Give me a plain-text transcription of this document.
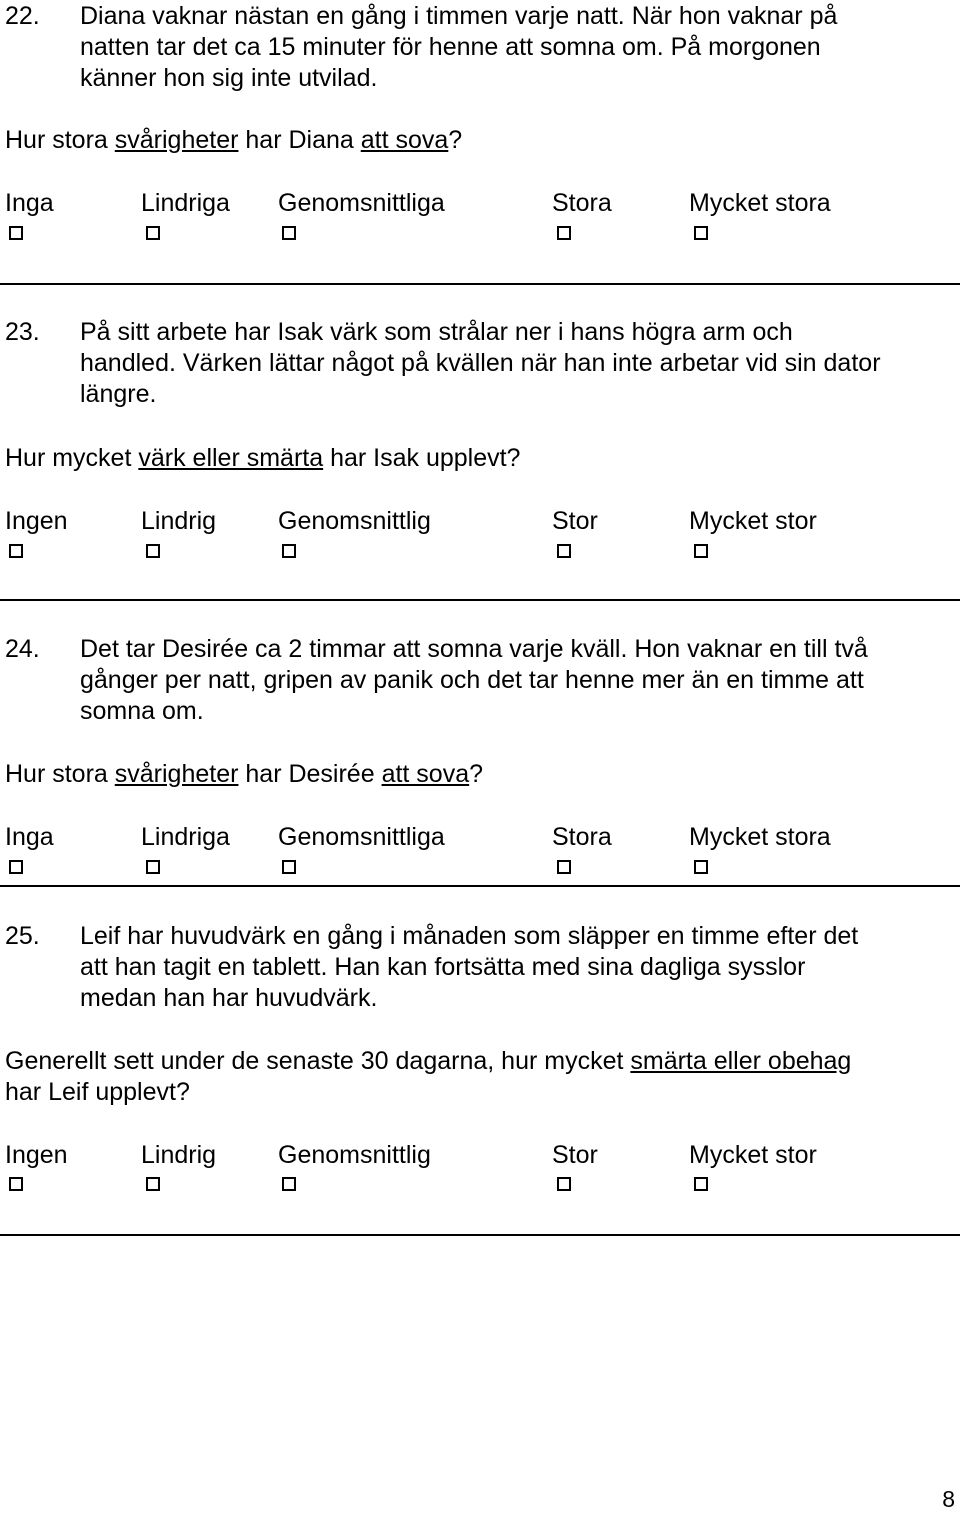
22. Diana vaknar nästan en gång i timmen varje natt. När hon vaknar på
natten tar det ca 15 minuter för henne att somna om. På morgonen
känner hon sig inte utvilad.
Hur stora svårigheter har Diana att sova?
Inga	Lindriga Genomsnittliga	Stora	Mycket stora
23. På sitt arbete har Isak värk som strålar ner i hans högra arm och
handled. Värken lättar något på kvällen när han inte arbetar vid sin dator
längre.
Hur mycket värk eller smärta har Isak upplevt?
Ingen	Lindrig Genomsnittlig	Stor	Mycket stor
24. Det tar Desirée ca 2 timmar att somna varje kväll. Hon vaknar en till två
gånger per natt, gripen av panik och det tar henne mer än en timme att
somna om.
Hur stora svårigheter har Desirée att sova?
Inga	Lindriga Genomsnittliga	Stora	Mycket stora
25. Leif har huvudvärk en gång i månaden som släpper en timme efter det
att han tagit en tablett. Han kan fortsätta med sina dagliga sysslor
medan han har huvudvärk.
Generellt sett under de senaste 30 dagarna, hur mycket smärta eller obehag
har Leif upplevt?
Ingen	Lindrig Genomsnittlig	Stor	Mycket stor
8
